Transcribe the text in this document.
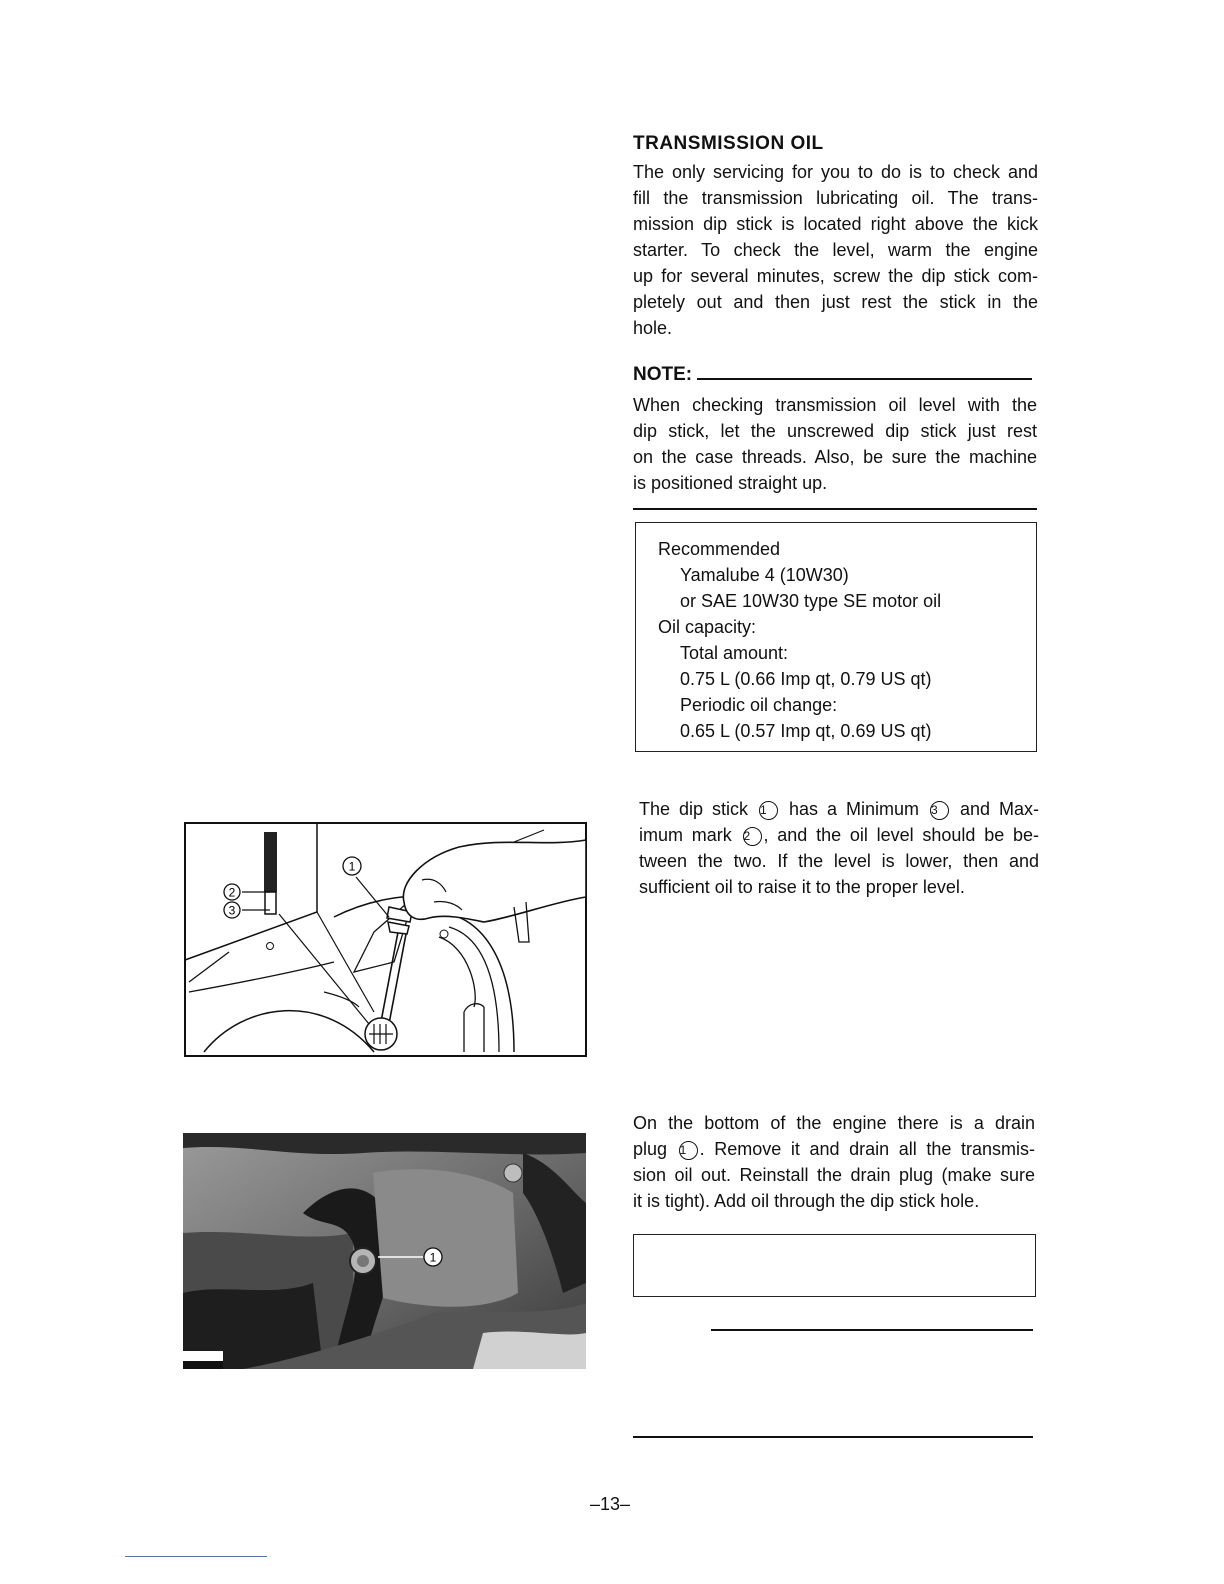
TRANSMISSION OIL
The only servicing for you to do is to check and
fill the transmission lubricating oil. The trans-
mission dip stick is located right above the kick
starter. To check the level, warm the engine
up for several minutes, screw the dip stick com-
pletely out and then just rest the stick in the
hole.
NOTE:
When checking transmission oil level with the
dip stick, let the unscrewed dip stick just rest
on the case threads. Also, be sure the machine
is positioned straight up.
Recommended
Yamalube 4 (10W30)
or SAE 10W30 type SE motor oil
Oil capacity:
Total amount:
0.75 L (0.66 Imp qt, 0.79 US qt)
Periodic oil change:
0.65 L (0.57 Imp qt, 0.69 US qt)
The dip stick 1 has a Minimum 3 and Max-
imum mark 2 , and the oil level should be be-
tween the two. If the level is lower, then and
sufficient oil to raise it to the proper level.
2
3
1
On the bottom of the engine there is a drain
plug 1 . Remove it and drain all the transmis-
sion oil out. Reinstall the drain plug (make sure
it is tight). Add oil through the dip stick hole.
1
–13–
